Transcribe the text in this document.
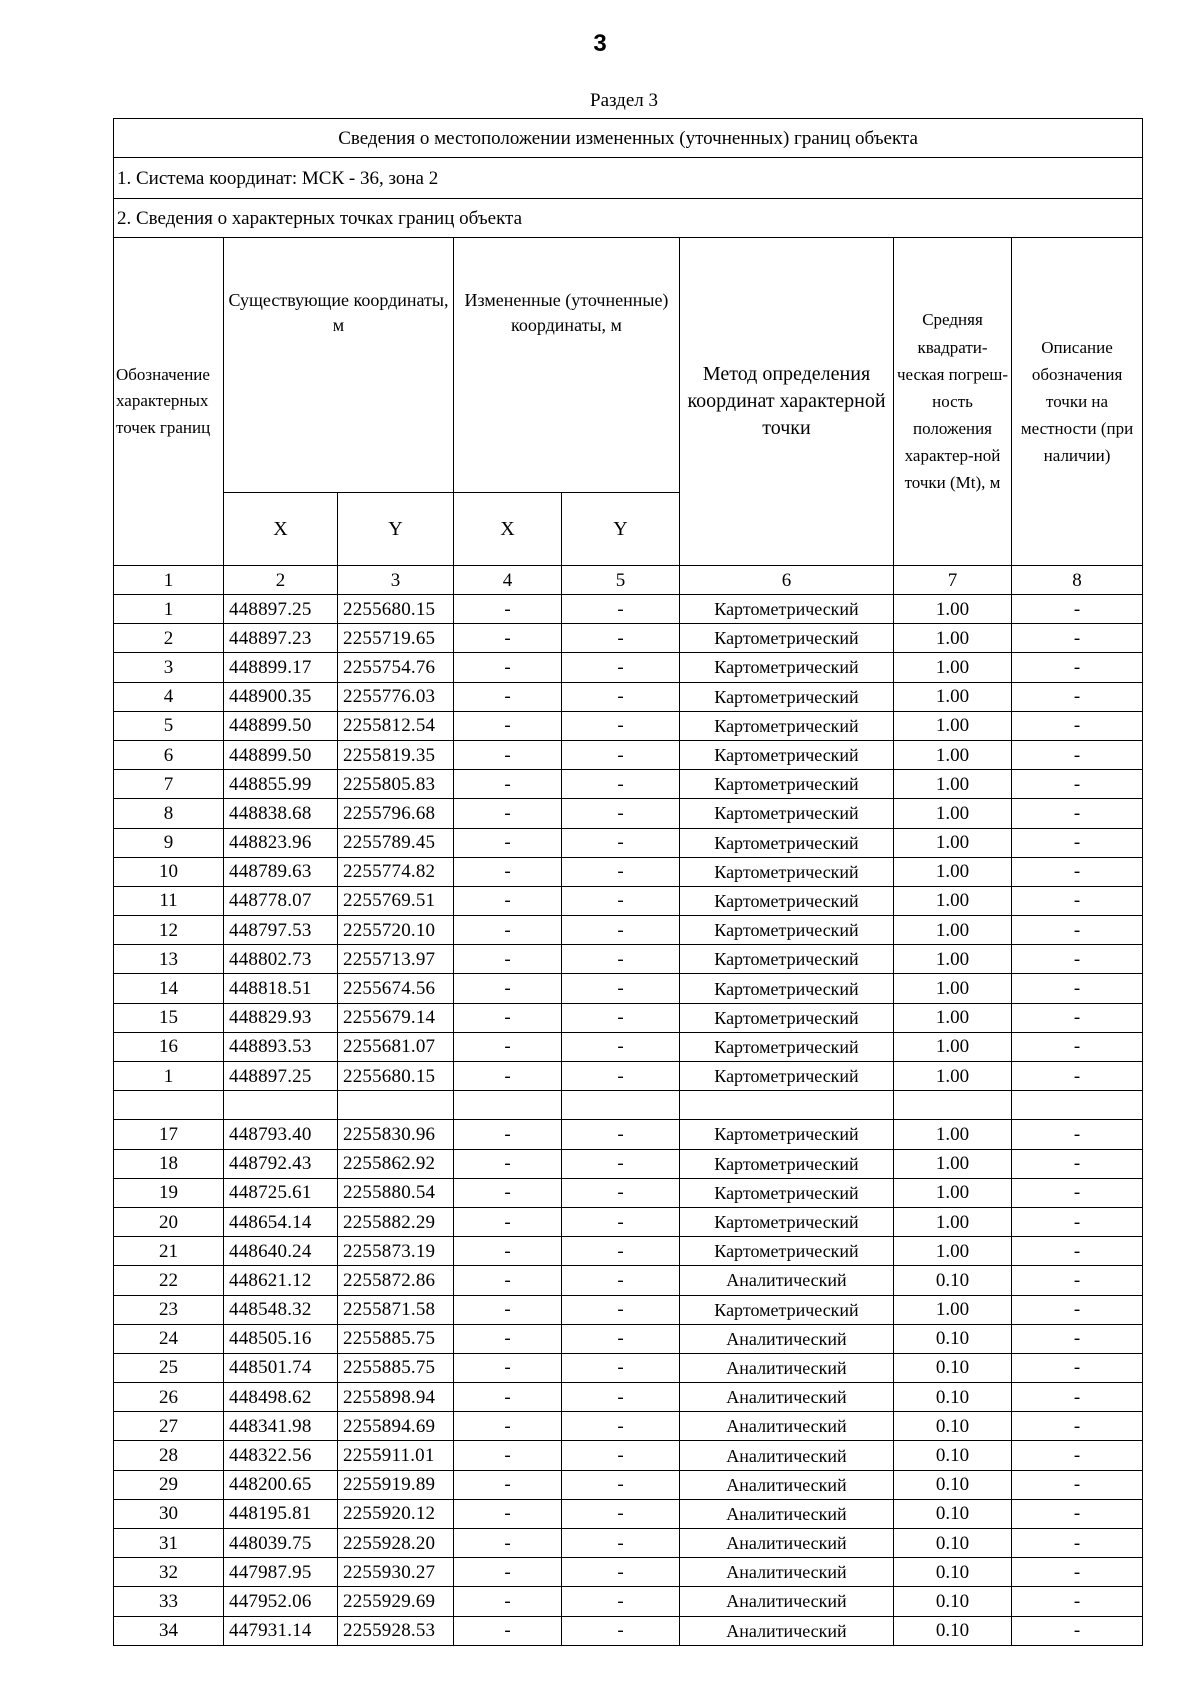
3
Раздел 3
Сведения о местоположении измененных (уточненных) границ объекта							
1. Система координат: МСК - 36, зона 2							
2. Сведения о характерных точках границ объекта							
Обозначение характерных точек границ	Существующие координаты, м		Измененные (уточненные) координаты, м		Метод определения координат характерной точки	Средняя квадрати-ческая погреш-ность положения характер-ной точки (Mt), м	Описание обозначения точки на местности (при наличии)
	X	Y	X	Y			
1	2	3	4	5	6	7	8
1	448897.25	2255680.15	-	-	Картометрический	1.00	-
2	448897.23	2255719.65	-	-	Картометрический	1.00	-
3	448899.17	2255754.76	-	-	Картометрический	1.00	-
4	448900.35	2255776.03	-	-	Картометрический	1.00	-
5	448899.50	2255812.54	-	-	Картометрический	1.00	-
6	448899.50	2255819.35	-	-	Картометрический	1.00	-
7	448855.99	2255805.83	-	-	Картометрический	1.00	-
8	448838.68	2255796.68	-	-	Картометрический	1.00	-
9	448823.96	2255789.45	-	-	Картометрический	1.00	-
10	448789.63	2255774.82	-	-	Картометрический	1.00	-
11	448778.07	2255769.51	-	-	Картометрический	1.00	-
12	448797.53	2255720.10	-	-	Картометрический	1.00	-
13	448802.73	2255713.97	-	-	Картометрический	1.00	-
14	448818.51	2255674.56	-	-	Картометрический	1.00	-
15	448829.93	2255679.14	-	-	Картометрический	1.00	-
16	448893.53	2255681.07	-	-	Картометрический	1.00	-
1	448897.25	2255680.15	-	-	Картометрический	1.00	-

17	448793.40	2255830.96	-	-	Картометрический	1.00	-
18	448792.43	2255862.92	-	-	Картометрический	1.00	-
19	448725.61	2255880.54	-	-	Картометрический	1.00	-
20	448654.14	2255882.29	-	-	Картометрический	1.00	-
21	448640.24	2255873.19	-	-	Картометрический	1.00	-
22	448621.12	2255872.86	-	-	Аналитический	0.10	-
23	448548.32	2255871.58	-	-	Картометрический	1.00	-
24	448505.16	2255885.75	-	-	Аналитический	0.10	-
25	448501.74	2255885.75	-	-	Аналитический	0.10	-
26	448498.62	2255898.94	-	-	Аналитический	0.10	-
27	448341.98	2255894.69	-	-	Аналитический	0.10	-
28	448322.56	2255911.01	-	-	Аналитический	0.10	-
29	448200.65	2255919.89	-	-	Аналитический	0.10	-
30	448195.81	2255920.12	-	-	Аналитический	0.10	-
31	448039.75	2255928.20	-	-	Аналитический	0.10	-
32	447987.95	2255930.27	-	-	Аналитический	0.10	-
33	447952.06	2255929.69	-	-	Аналитический	0.10	-
34	447931.14	2255928.53	-	-	Аналитический	0.10	-
